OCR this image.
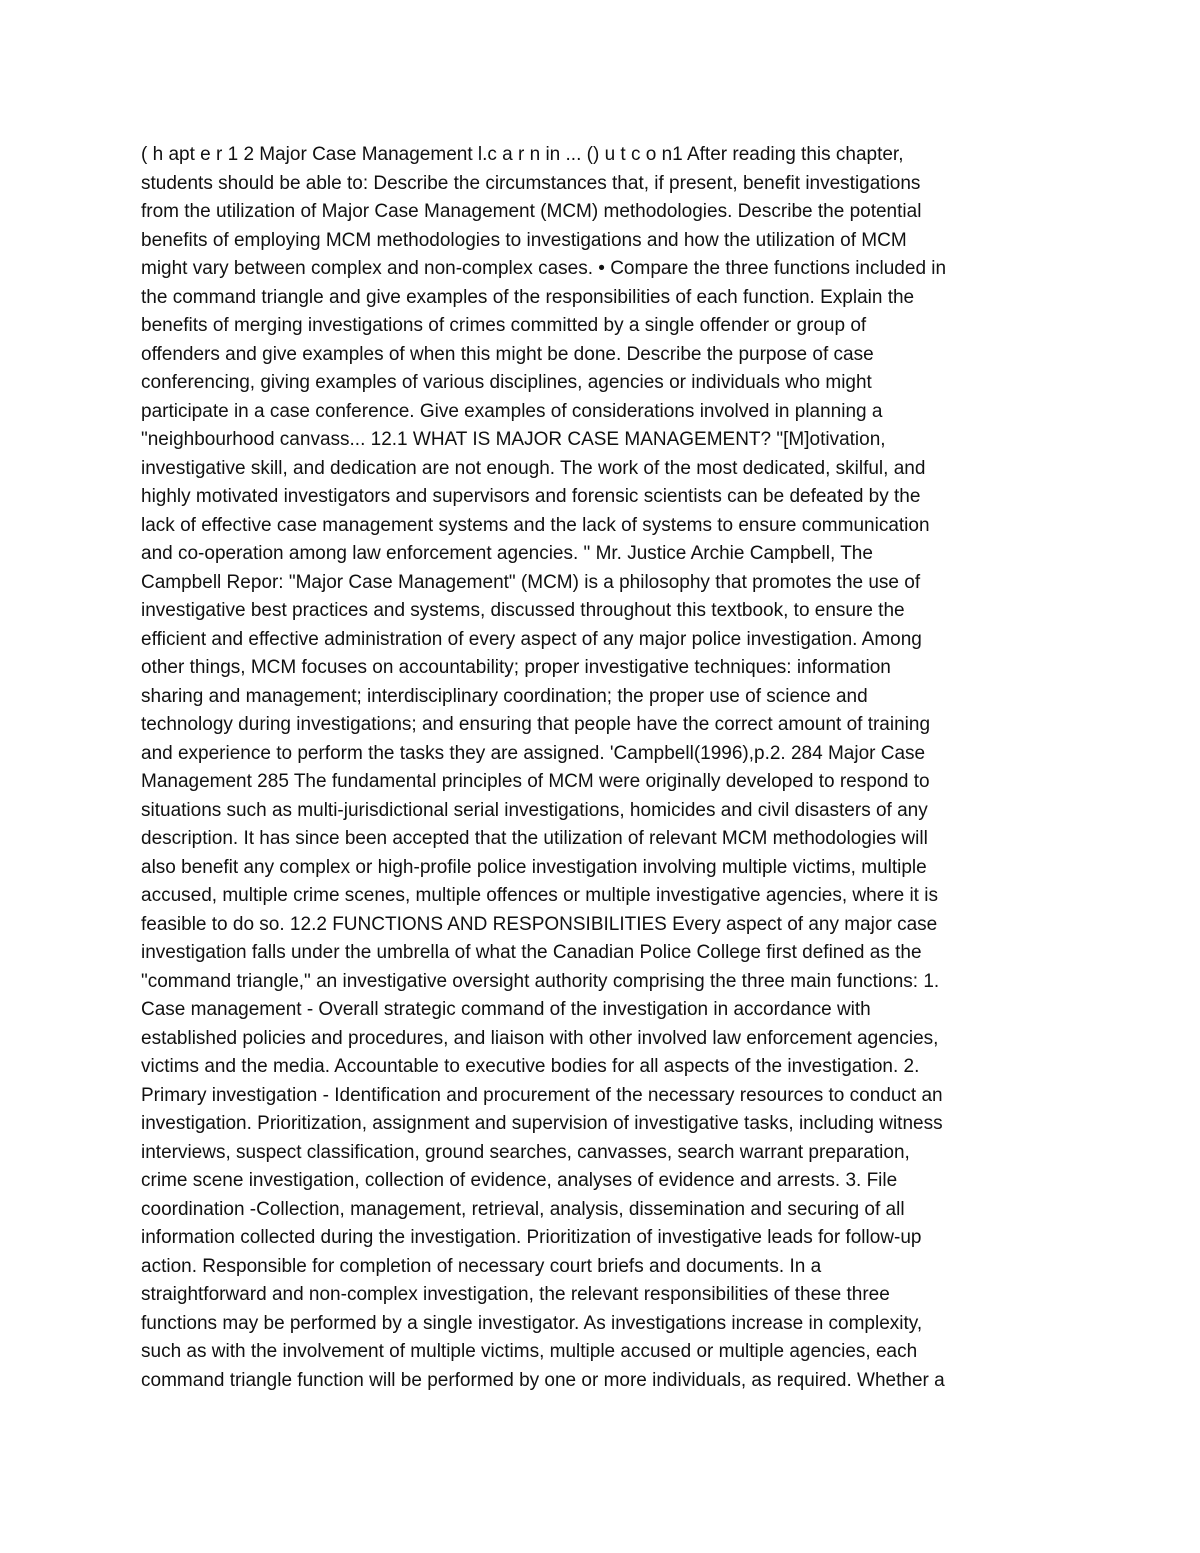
( h apt e r 1 2 Major Case Management l.c a r n in ... () u t c o n1 After reading this chapter,
students should be able to: Describe the circumstances that, if present, benefit investigations
from the utilization of Major Case Management (MCM) methodologies. Describe the potential
benefits of employing MCM methodologies to investigations and how the utilization of MCM
might vary between complex and non-complex cases. • Compare the three functions included in
the command triangle and give examples of the responsibilities of each function. Explain the
benefits of merging investigations of crimes committed by a single offender or group of
offenders and give examples of when this might be done. Describe the purpose of case
conferencing, giving examples of various disciplines, agencies or individuals who might
participate in a case conference. Give examples of considerations involved in planning a
"neighbourhood canvass... 12.1 WHAT IS MAJOR CASE MANAGEMENT? "[M]otivation,
investigative skill, and dedication are not enough. The work of the most dedicated, skilful, and
highly motivated investigators and supervisors and forensic scientists can be defeated by the
lack of effective case management systems and the lack of systems to ensure communication
and co-operation among law enforcement agencies. " Mr. Justice Archie Campbell, The
Campbell Repor: "Major Case Management" (MCM) is a philosophy that promotes the use of
investigative best practices and systems, discussed throughout this textbook, to ensure the
efficient and effective administration of every aspect of any major police investigation. Among
other things, MCM focuses on accountability; proper investigative techniques: information
sharing and management; interdisciplinary coordination; the proper use of science and
technology during investigations; and ensuring that people have the correct amount of training
and experience to perform the tasks they are assigned. 'Campbell(1996),p.2. 284 Major Case
Management 285 The fundamental principles of MCM were originally developed to respond to
situations such as multi-jurisdictional serial investigations, homicides and civil disasters of any
description. It has since been accepted that the utilization of relevant MCM methodologies will
also benefit any complex or high-profile police investigation involving multiple victims, multiple
accused, multiple crime scenes, multiple offences or multiple investigative agencies, where it is
feasible to do so. 12.2 FUNCTIONS AND RESPONSIBILITIES Every aspect of any major case
investigation falls under the umbrella of what the Canadian Police College first defined as the
"command triangle," an investigative oversight authority comprising the three main functions: 1.
Case management - Overall strategic command of the investigation in accordance with
established policies and procedures, and liaison with other involved law enforcement agencies,
victims and the media. Accountable to executive bodies for all aspects of the investigation. 2.
Primary investigation - Identification and procurement of the necessary resources to conduct an
investigation. Prioritization, assignment and supervision of investigative tasks, including witness
interviews, suspect classification, ground searches, canvasses, search warrant preparation,
crime scene investigation, collection of evidence, analyses of evidence and arrests. 3. File
coordination -Collection, management, retrieval, analysis, dissemination and securing of all
information collected during the investigation. Prioritization of investigative leads for follow-up
action. Responsible for completion of necessary court briefs and documents. In a
straightforward and non-complex investigation, the relevant responsibilities of these three
functions may be performed by a single investigator. As investigations increase in complexity,
such as with the involvement of multiple victims, multiple accused or multiple agencies, each
command triangle function will be performed by one or more individuals, as required. Whether a
